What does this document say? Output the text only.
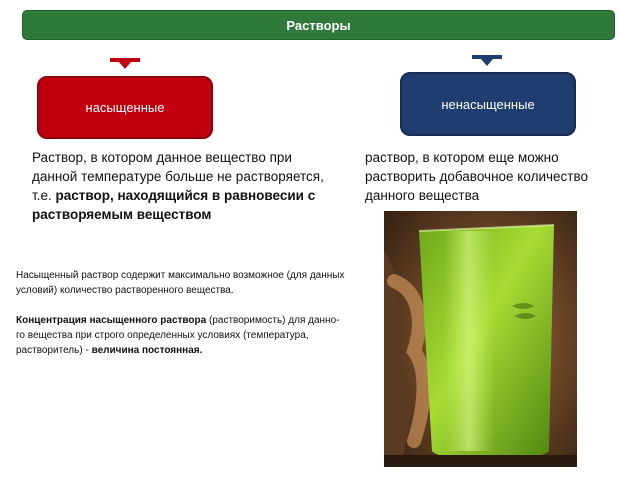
Растворы
насыщенные	ненасыщенные
Раствор, в котором данное вещество при данной температуре больше не растворяется, т.е. раствор, находящийся в равновесии с растворяемым веществом
раствор, в котором еще можно растворить добавочное количество данного вещества

Насыщенный раствор содержит максимально возможное (для данных условий) количество растворенного вещества.

Концентрация насыщенного раствора (растворимость) для данно-го вещества при строго определенных условиях (температура, растворитель) - величина постоянная.
